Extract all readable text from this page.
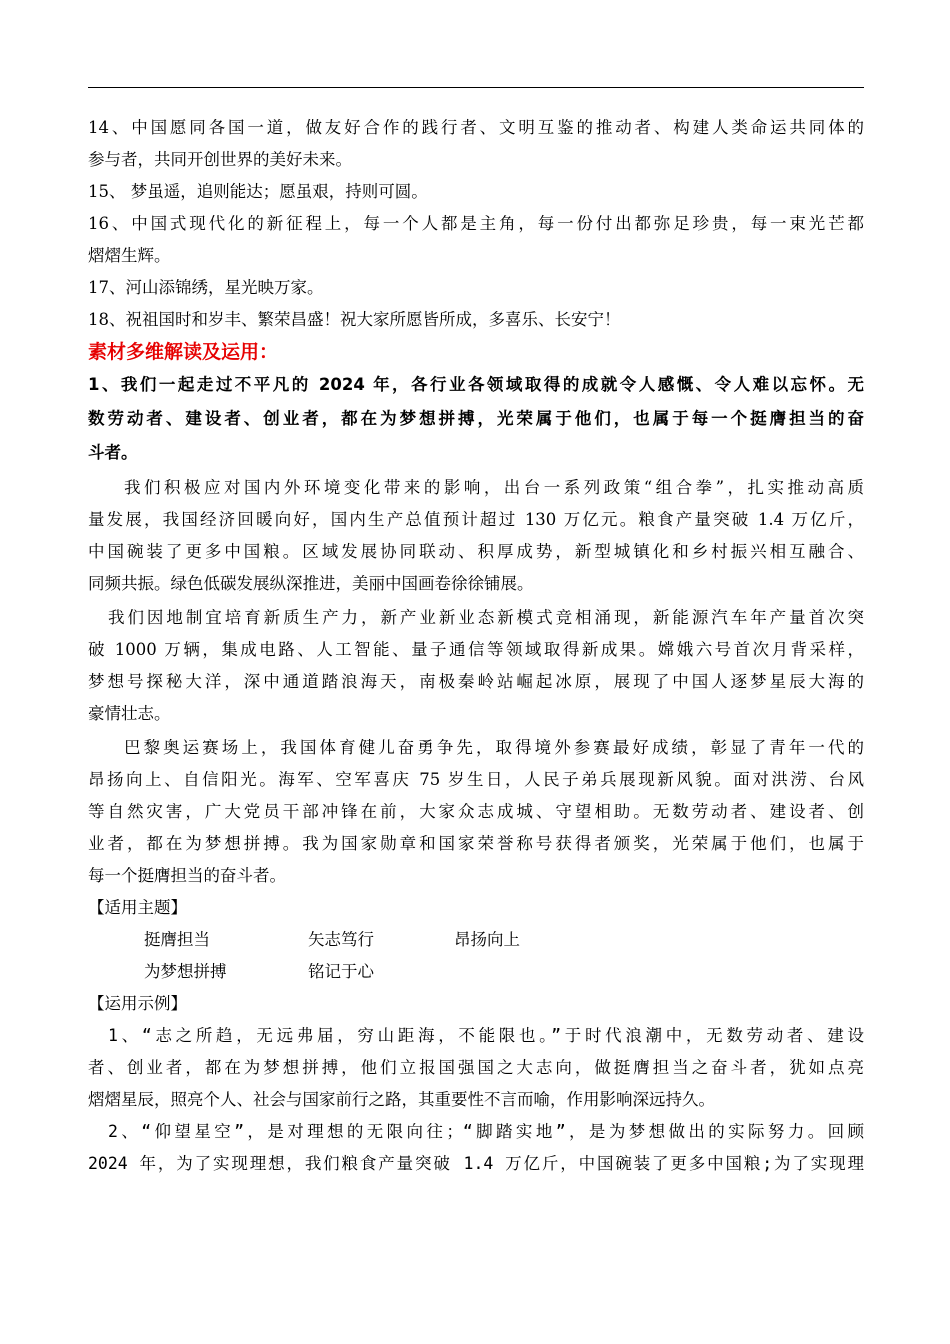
14、中国愿同各国一道，做友好合作的践行者、文明互鉴的推动者、构建人类命运共同体的
参与者，共同开创世界的美好未来。
15、 梦虽遥，追则能达；愿虽艰，持则可圆。
16、中国式现代化的新征程上，每一个人都是主角，每一份付出都弥足珍贵，每一束光芒都
熠熠生辉。
17、河山添锦绣，星光映万家。
18、祝祖国时和岁丰、繁荣昌盛！祝大家所愿皆所成，多喜乐、长安宁！
素材多维解读及运用：
1、我们一起走过不平凡的 2024 年，各行业各领域取得的成就令人感慨、令人难以忘怀。无
数劳动者、建设者、创业者，都在为梦想拼搏，光荣属于他们，也属于每一个挺膺担当的奋
斗者。
我们积极应对国内外环境变化带来的影响，出台一系列政策“组合拳”，扎实推动高质
量发展，我国经济回暖向好，国内生产总值预计超过 130 万亿元。粮食产量突破 1.4 万亿斤，
中国碗装了更多中国粮。区域发展协同联动、积厚成势，新型城镇化和乡村振兴相互融合、
同频共振。绿色低碳发展纵深推进，美丽中国画卷徐徐铺展。
我们因地制宜培育新质生产力，新产业新业态新模式竞相涌现，新能源汽车年产量首次突
破 1000 万辆，集成电路、人工智能、量子通信等领域取得新成果。嫦娥六号首次月背采样，
梦想号探秘大洋，深中通道踏浪海天，南极秦岭站崛起冰原，展现了中国人逐梦星辰大海的
豪情壮志。
巴黎奥运赛场上，我国体育健儿奋勇争先，取得境外参赛最好成绩，彰显了青年一代的
昂扬向上、自信阳光。海军、空军喜庆 75 岁生日，人民子弟兵展现新风貌。面对洪涝、台风
等自然灾害，广大党员干部冲锋在前，大家众志成城、守望相助。无数劳动者、建设者、创
业者，都在为梦想拼搏。我为国家勋章和国家荣誉称号获得者颁奖，光荣属于他们，也属于
每一个挺膺担当的奋斗者。
【适用主题】
挺膺担当	矢志笃行	昂扬向上
为梦想拼搏	铭记于心
【运用示例】
1、“志之所趋，无远弗届，穷山距海，不能限也。”于时代浪潮中，无数劳动者、建设
者、创业者，都在为梦想拼搏，他们立报国强国之大志向，做挺膺担当之奋斗者，犹如点亮
熠熠星辰，照亮个人、社会与国家前行之路，其重要性不言而喻，作用影响深远持久。
2、“仰望星空”，是对理想的无限向往；“脚踏实地”，是为梦想做出的实际努力。回顾
2024 年，为了实现理想，我们粮食产量突破 1.4 万亿斤，中国碗装了更多中国粮;为了实现理
